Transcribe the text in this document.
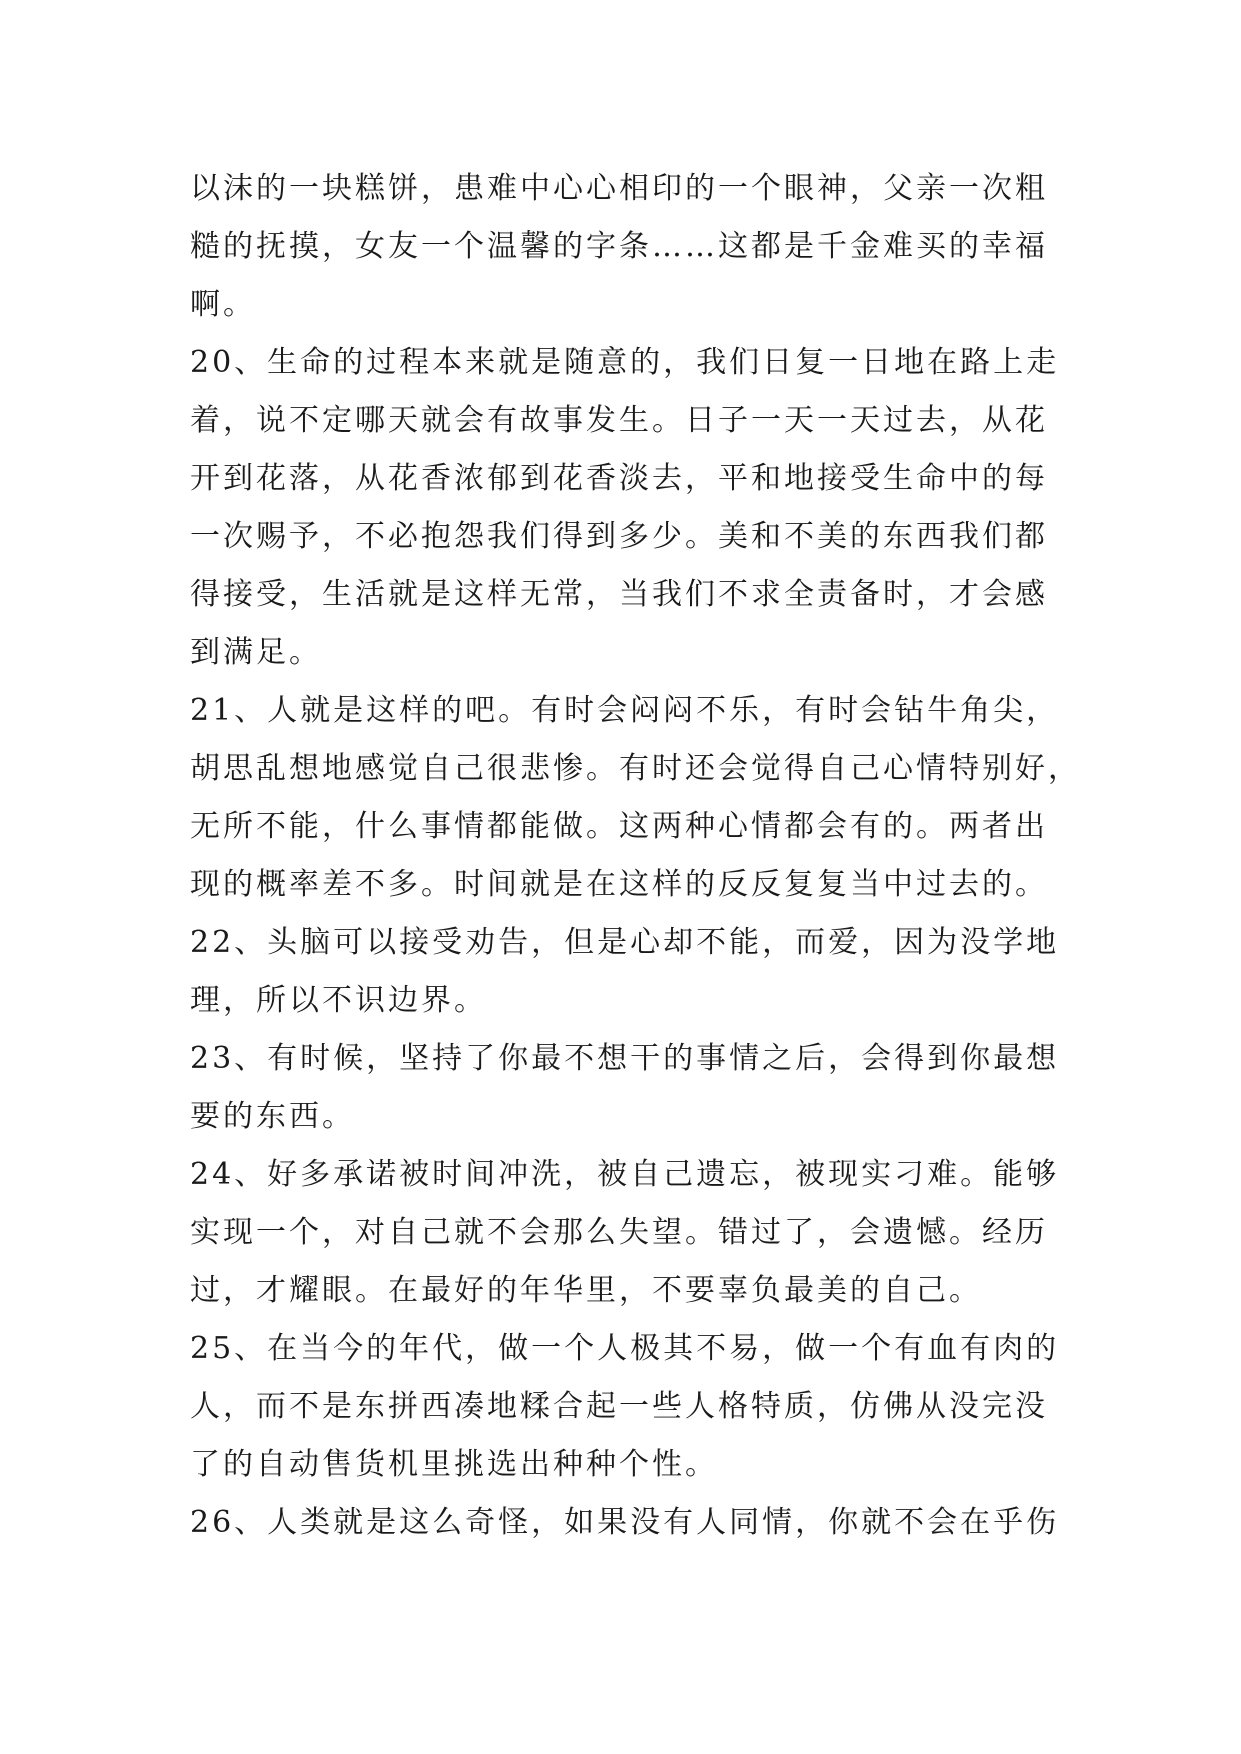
以沫的一块糕饼，患难中心心相印的一个眼神，父亲一次粗

糙的抚摸，女友一个温馨的字条……这都是千金难买的幸福

啊。

20、生命的过程本来就是随意的，我们日复一日地在路上走

着，说不定哪天就会有故事发生。日子一天一天过去，从花

开到花落，从花香浓郁到花香淡去，平和地接受生命中的每

一次赐予，不必抱怨我们得到多少。美和不美的东西我们都

得接受，生活就是这样无常，当我们不求全责备时，才会感

到满足。

21、人就是这样的吧。有时会闷闷不乐，有时会钻牛角尖，

胡思乱想地感觉自己很悲惨。有时还会觉得自己心情特别好，

无所不能，什么事情都能做。这两种心情都会有的。两者出

现的概率差不多。时间就是在这样的反反复复当中过去的。

22、头脑可以接受劝告，但是心却不能，而爱，因为没学地

理，所以不识边界。

23、有时候，坚持了你最不想干的事情之后，会得到你最想

要的东西。

24、好多承诺被时间冲洗，被自己遗忘，被现实刁难。能够

实现一个，对自己就不会那么失望。错过了，会遗憾。经历

过，才耀眼。在最好的年华里，不要辜负最美的自己。

25、在当今的年代，做一个人极其不易，做一个有血有肉的

人，而不是东拼西凑地糅合起一些人格特质，仿佛从没完没

了的自动售货机里挑选出种种个性。

26、人类就是这么奇怪，如果没有人同情，你就不会在乎伤
